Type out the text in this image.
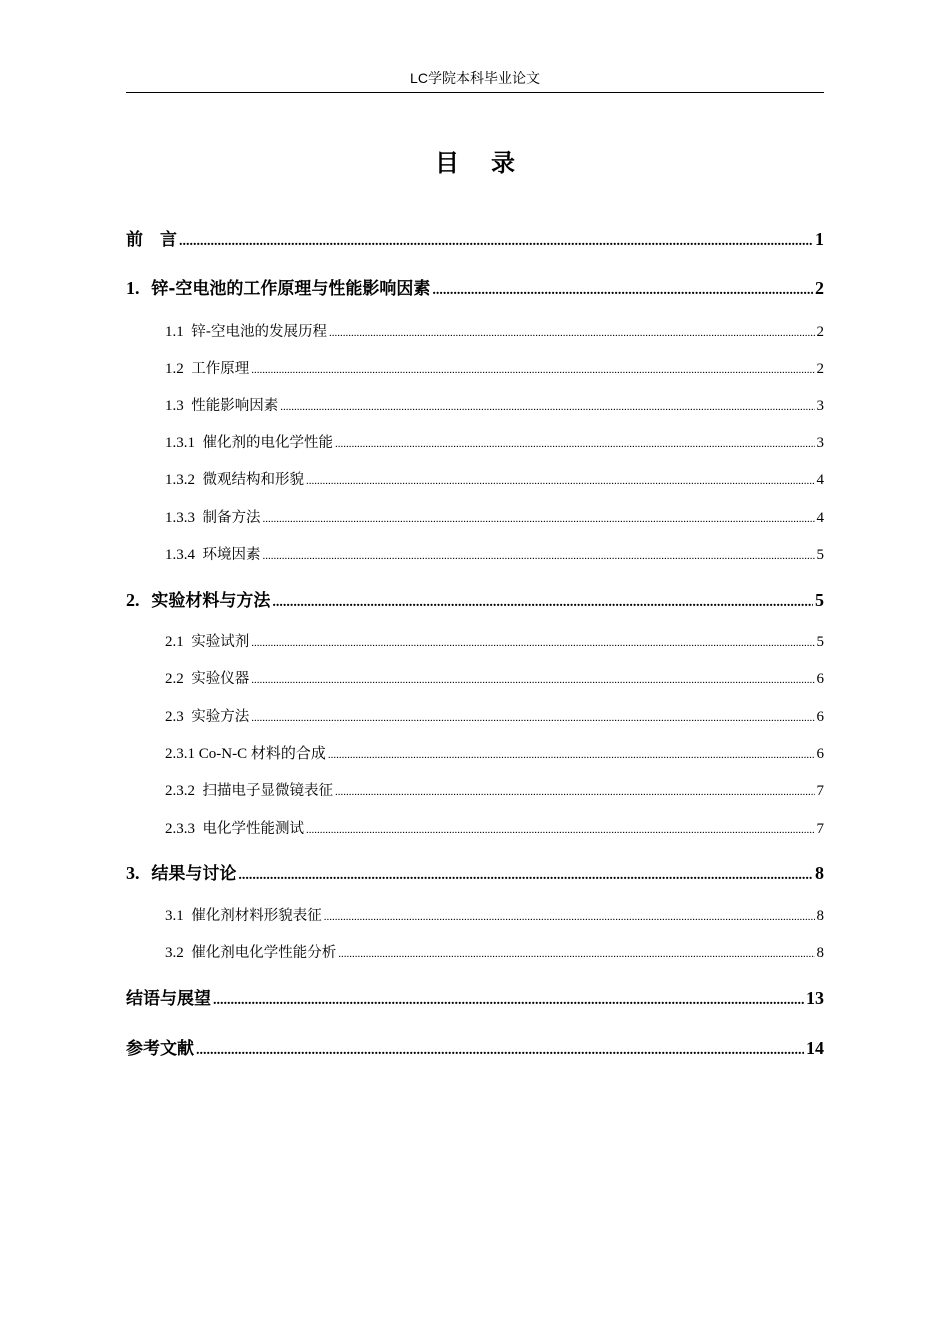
LC学院本科毕业论文
目录
前　言 .....	1
1. 锌-空电池的工作原理与性能影响因素 .....	2
1.1 锌-空电池的发展历程 .....	2
1.2 工作原理 .....	2
1.3 性能影响因素 .....	3
1.3.1 催化剂的电化学性能 .....	3
1.3.2 微观结构和形貌 .....	4
1.3.3 制备方法 .....	4
1.3.4 环境因素 .....	5
2. 实验材料与方法 .....	5
2.1 实验试剂 .....	5
2.2 实验仪器 .....	6
2.3 实验方法 .....	6
2.3.1 Co-N-C 材料的合成 .....	6
2.3.2 扫描电子显微镜表征 .....	7
2.3.3 电化学性能测试 .....	7
3. 结果与讨论 .....	8
3.1 催化剂材料形貌表征 .....	8
3.2 催化剂电化学性能分析 .....	8
结语与展望 .....	13
参考文献 .....	14
